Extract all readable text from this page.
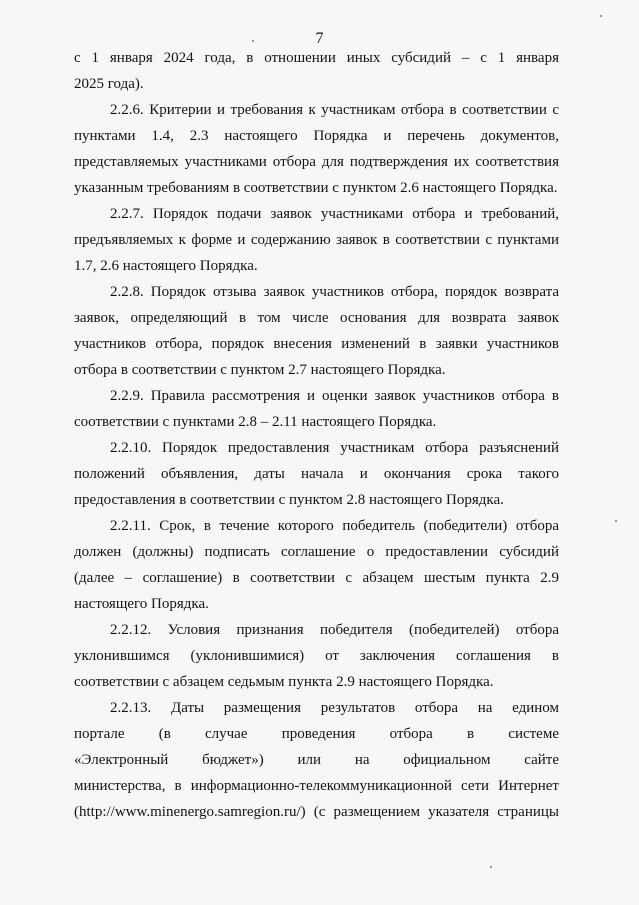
7
с 1 января 2024 года, в отношении иных субсидий – с 1 января
2025 года).
2.2.6. Критерии и требования к участникам отбора в соответствии с
пунктами 1.4, 2.3 настоящего Порядка и перечень документов,
представляемых участниками отбора для подтверждения их соответствия
указанным требованиям в соответствии с пунктом 2.6 настоящего Порядка.
2.2.7. Порядок подачи заявок участниками отбора и требований,
предъявляемых к форме и содержанию заявок в соответствии с пунктами
1.7, 2.6 настоящего Порядка.
2.2.8. Порядок отзыва заявок участников отбора, порядок возврата
заявок, определяющий в том числе основания для возврата заявок
участников отбора, порядок внесения изменений в заявки участников
отбора в соответствии с пунктом 2.7 настоящего Порядка.
2.2.9. Правила рассмотрения и оценки заявок участников отбора в
соответствии с пунктами 2.8 – 2.11 настоящего Порядка.
2.2.10. Порядок предоставления участникам отбора разъяснений
положений объявления, даты начала и окончания срока такого
предоставления в соответствии с пунктом 2.8 настоящего Порядка.
2.2.11. Срок, в течение которого победитель (победители) отбора
должен (должны) подписать соглашение о предоставлении субсидий
(далее – соглашение) в соответствии с абзацем шестым пункта 2.9
настоящего Порядка.
2.2.12. Условия признания победителя (победителей) отбора
уклонившимся (уклонившимися) от заключения соглашения в
соответствии с абзацем седьмым пункта 2.9 настоящего Порядка.
2.2.13. Даты размещения результатов отбора на едином
портале (в случае проведения отбора в системе
«Электронный бюджет») или на официальном сайте
министерства, в информационно-телекоммуникационной сети Интернет
(http://www.minenergo.samregion.ru/) (с размещением указателя страницы
